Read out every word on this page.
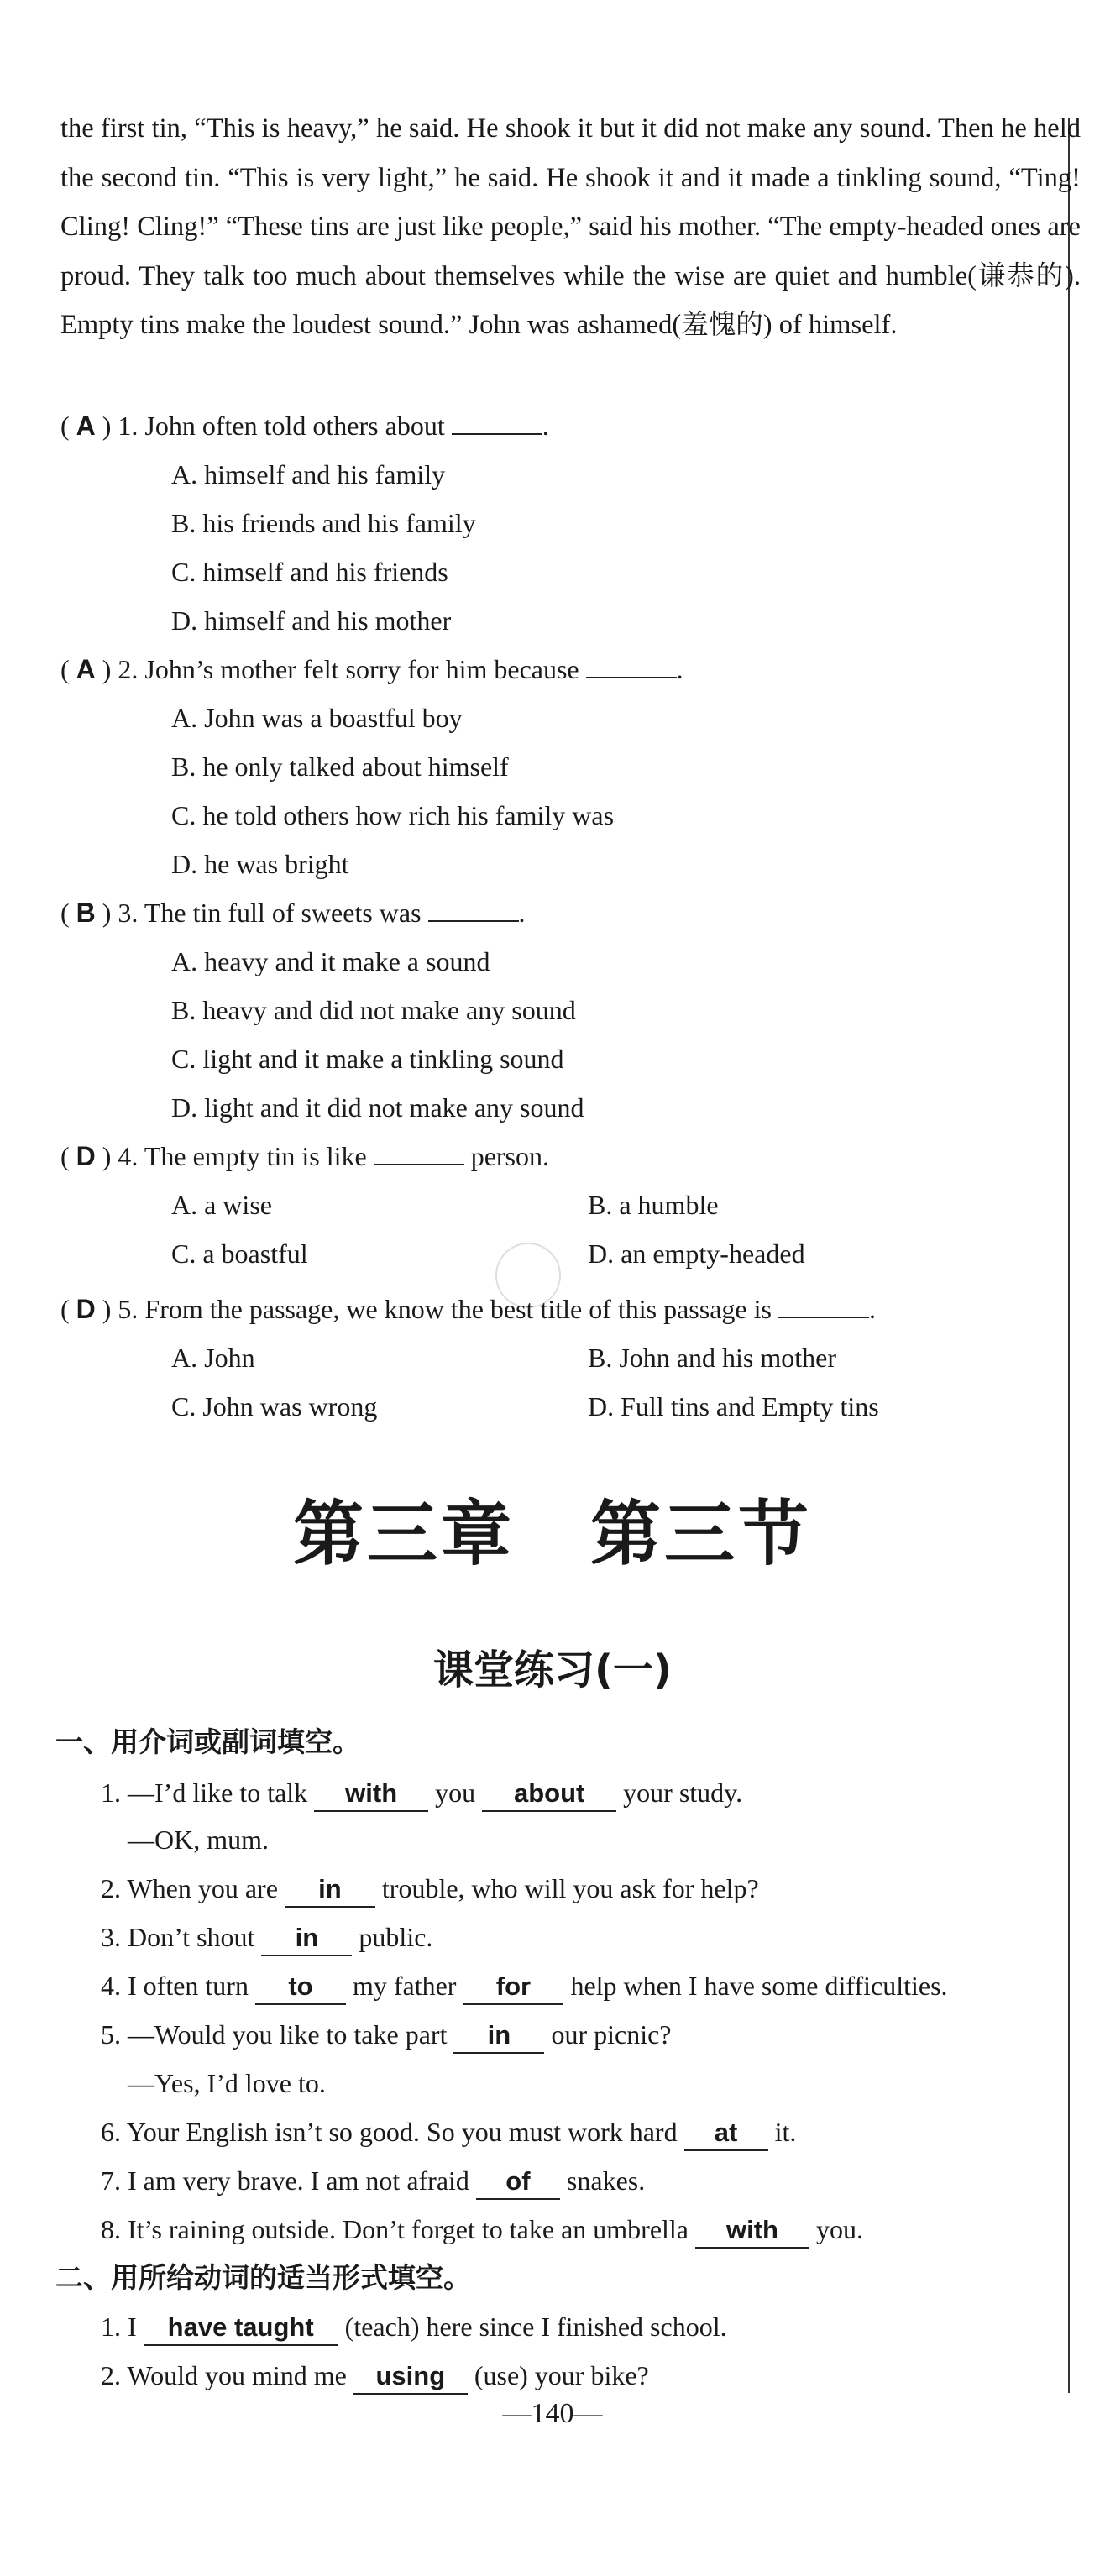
the first tin, “This is heavy,” he said. He shook it but it did not make any sound. Then he held the second tin. “This is very light,” he said. He shook it and it made a tinkling sound, “Ting! Cling! Cling!” “These tins are just like people,” said his mother. “The empty-headed ones are proud. They talk too much about themselves while the wise are quiet and humble(谦恭的). Empty tins make the loudest sound.” John was ashamed(羞愧的) of himself.
( A ) 1. John often told others about	.
A. himself and his family
B. his friends and his family
C. himself and his friends
D. himself and his mother
( A ) 2. John’s mother felt sorry for him because	.
A. John was a boastful boy
B. he only talked about himself
C. he told others how rich his family was
D. he was bright
( B ) 3. The tin full of sweets was	.
A. heavy and it make a sound
B. heavy and did not make any sound
C. light and it make a tinkling sound
D. light and it did not make any sound
( D ) 4. The empty tin is like	person.
A. a wise	B. a humble
C. a boastful	D. an empty-headed
( D ) 5. From the passage, we know the best title of this passage is	.
A. John	B. John and his mother
C. John was wrong	D. Full tins and Empty tins
第三章 第三节
课堂练习(一)
一、用介词或副词填空。
1. —I’d like to talk with you about your study.
—OK, mum.
2. When you are in trouble, who will you ask for help?
3. Don’t shout in public.
4. I often turn to my father for help when I have some difficulties.
5. —Would you like to take part in our picnic?
—Yes, I’d love to.
6. Your English isn’t so good. So you must work hard at it.
7. I am very brave. I am not afraid of snakes.
8. It’s raining outside. Don’t forget to take an umbrella with you.
二、用所给动词的适当形式填空。
1. I have taught (teach) here since I finished school.
2. Would you mind me using (use) your bike?
—140—
